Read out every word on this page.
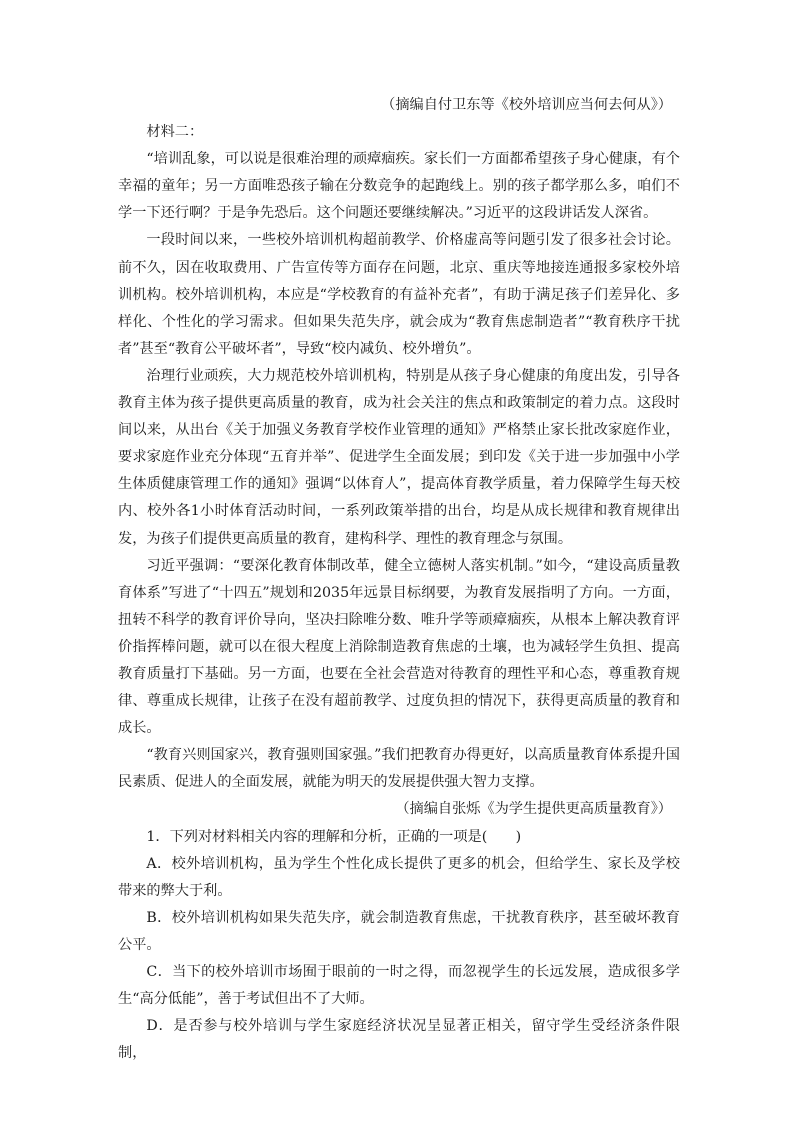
（摘编自付卫东等《校外培训应当何去何从》）

材料二：

“培训乱象，可以说是很难治理的顽瘴痼疾。家长们一方面都希望孩子身心健康，有个幸福的童年；另一方面唯恐孩子输在分数竞争的起跑线上。别的孩子都学那么多，咱们不学一下还行啊？于是争先恐后。这个问题还要继续解决。”习近平的这段讲话发人深省。

一段时间以来，一些校外培训机构超前教学、价格虚高等问题引发了很多社会讨论。前不久，因在收取费用、广告宣传等方面存在问题，北京、重庆等地接连通报多家校外培训机构。校外培训机构，本应是“学校教育的有益补充者”，有助于满足孩子们差异化、多样化、个性化的学习需求。但如果失范失序，就会成为“教育焦虑制造者”“教育秩序干扰者”甚至“教育公平破坏者”，导致“校内减负、校外增负”。

治理行业顽疾，大力规范校外培训机构，特别是从孩子身心健康的角度出发，引导各教育主体为孩子提供更高质量的教育，成为社会关注的焦点和政策制定的着力点。这段时间以来，从出台《关于加强义务教育学校作业管理的通知》严格禁止家长批改家庭作业，要求家庭作业充分体现“五育并举”、促进学生全面发展；到印发《关于进一步加强中小学生体质健康管理工作的通知》强调“以体育人”，提高体育教学质量，着力保障学生每天校内、校外各1小时体育活动时间，一系列政策举措的出台，均是从成长规律和教育规律出发，为孩子们提供更高质量的教育，建构科学、理性的教育理念与氛围。

习近平强调：“要深化教育体制改革，健全立德树人落实机制。”如今，“建设高质量教育体系”写进了“十四五”规划和2035年远景目标纲要，为教育发展指明了方向。一方面，扭转不科学的教育评价导向，坚决扫除唯分数、唯升学等顽瘴痼疾，从根本上解决教育评价指挥棒问题，就可以在很大程度上消除制造教育焦虑的土壤，也为减轻学生负担、提高教育质量打下基础。另一方面，也要在全社会营造对待教育的理性平和心态，尊重教育规律、尊重成长规律，让孩子在没有超前教学、过度负担的情况下，获得更高质量的教育和成长。

“教育兴则国家兴，教育强则国家强。”我们把教育办得更好，以高质量教育体系提升国民素质、促进人的全面发展，就能为明天的发展提供强大智力支撑。

（摘编自张烁《为学生提供更高质量教育》）

1．下列对材料相关内容的理解和分析，正确的一项是(　　)

A．校外培训机构，虽为学生个性化成长提供了更多的机会，但给学生、家长及学校带来的弊大于利。

B．校外培训机构如果失范失序，就会制造教育焦虑，干扰教育秩序，甚至破坏教育公平。

C．当下的校外培训市场囿于眼前的一时之得，而忽视学生的长远发展，造成很多学生“高分低能”，善于考试但出不了大师。

D．是否参与校外培训与学生家庭经济状况呈显著正相关，留守学生受经济条件限制，
